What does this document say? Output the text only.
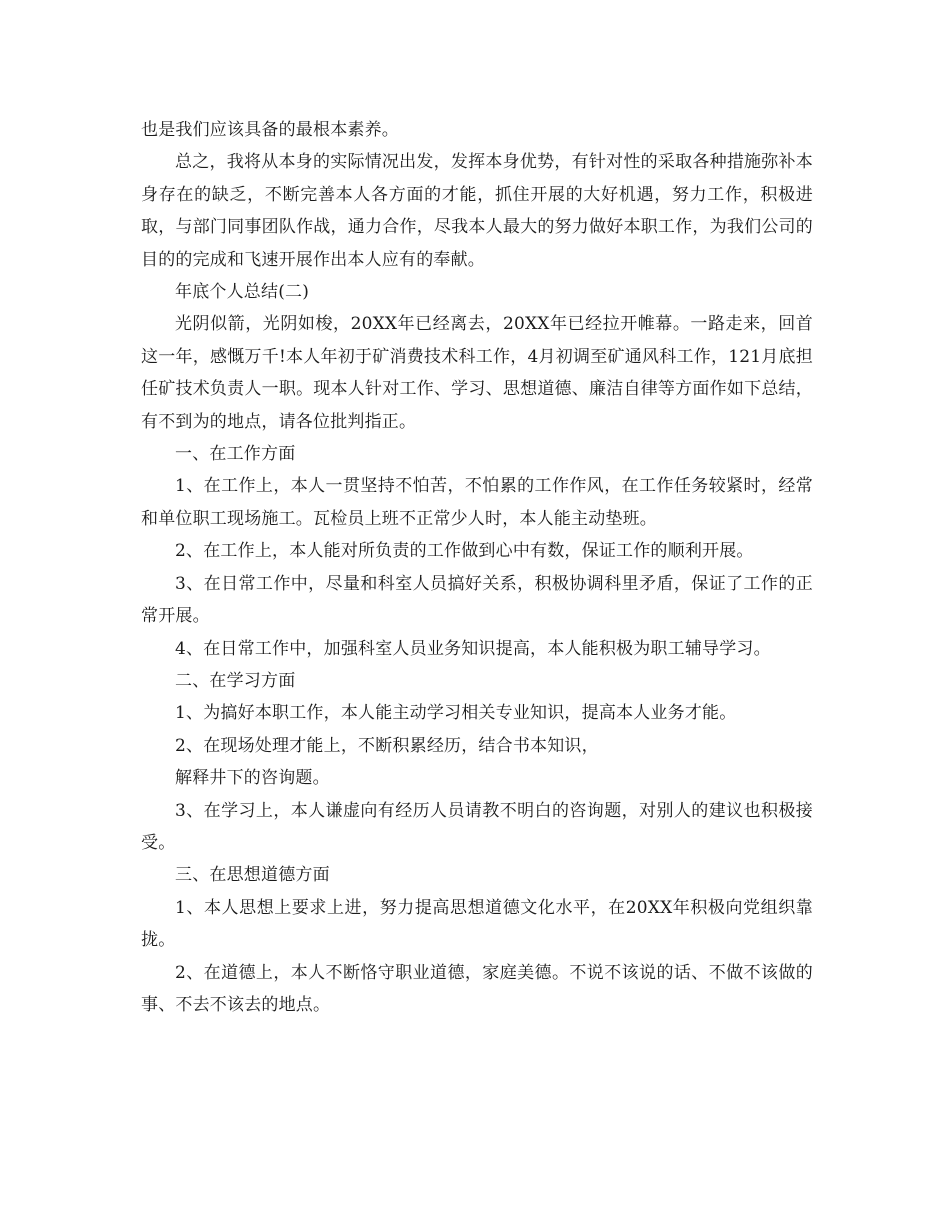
也是我们应该具备的最根本素养。

总之，我将从本身的实际情况出发，发挥本身优势，有针对性的采取各种措施弥补本身存在的缺乏，不断完善本人各方面的才能，抓住开展的大好机遇，努力工作，积极进取，与部门同事团队作战，通力合作，尽我本人最大的努力做好本职工作，为我们公司的目的的完成和飞速开展作出本人应有的奉献。

年底个人总结(二)

光阴似箭，光阴如梭，20XX年已经离去，20XX年已经拉开帷幕。一路走来，回首这一年，感慨万千!本人年初于矿消费技术科工作，4月初调至矿通风科工作，121月底担任矿技术负责人一职。现本人针对工作、学习、思想道德、廉洁自律等方面作如下总结，有不到为的地点，请各位批判指正。

一、在工作方面

1、在工作上，本人一贯坚持不怕苦，不怕累的工作作风，在工作任务较紧时，经常和单位职工现场施工。瓦检员上班不正常少人时，本人能主动垫班。

2、在工作上，本人能对所负责的工作做到心中有数，保证工作的顺利开展。

3、在日常工作中，尽量和科室人员搞好关系，积极协调科里矛盾，保证了工作的正常开展。

4、在日常工作中，加强科室人员业务知识提高，本人能积极为职工辅导学习。

二、在学习方面

1、为搞好本职工作，本人能主动学习相关专业知识，提高本人业务才能。

2、在现场处理才能上，不断积累经历，结合书本知识，

解释井下的咨询题。

3、在学习上，本人谦虚向有经历人员请教不明白的咨询题，对别人的建议也积极接受。

三、在思想道德方面

1、本人思想上要求上进，努力提高思想道德文化水平，在20XX年积极向党组织靠拢。

2、在道德上，本人不断恪守职业道德，家庭美德。不说不该说的话、不做不该做的事、不去不该去的地点。
